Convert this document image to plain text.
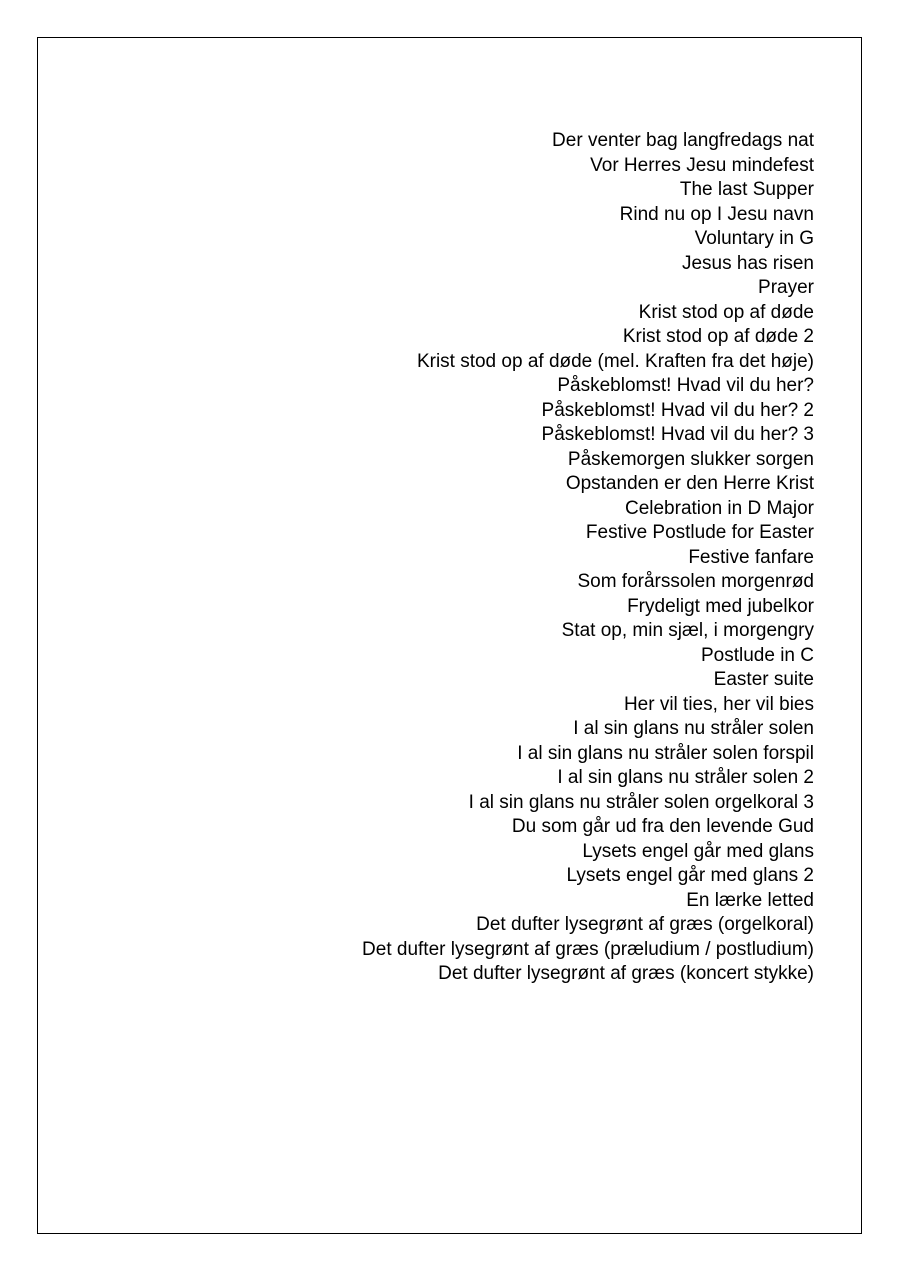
Der venter bag langfredags nat
Vor Herres Jesu mindefest
The last Supper
Rind nu op I Jesu navn
Voluntary in G
Jesus has risen
Prayer
Krist stod op af døde
Krist stod op af døde 2
Krist stod op af døde (mel. Kraften fra det høje)
Påskeblomst! Hvad vil du her?
Påskeblomst! Hvad vil du her? 2
Påskeblomst! Hvad vil du her? 3
Påskemorgen slukker sorgen
Opstanden er den Herre Krist
Celebration in D Major
Festive Postlude for Easter
Festive fanfare
Som forårssolen morgenrød
Frydeligt med jubelkor
Stat op, min sjæl, i morgengry
Postlude in C
Easter suite
Her vil ties, her vil bies
I al sin glans nu stråler solen
I al sin glans nu stråler solen forspil
I al sin glans nu stråler solen 2
I al sin glans nu stråler solen orgelkoral 3
Du som går ud fra den levende Gud
Lysets engel går med glans
Lysets engel går med glans 2
En lærke letted
Det dufter lysegrønt af græs (orgelkoral)
Det dufter lysegrønt af græs (præludium / postludium)
Det dufter lysegrønt af græs (koncert stykke)
